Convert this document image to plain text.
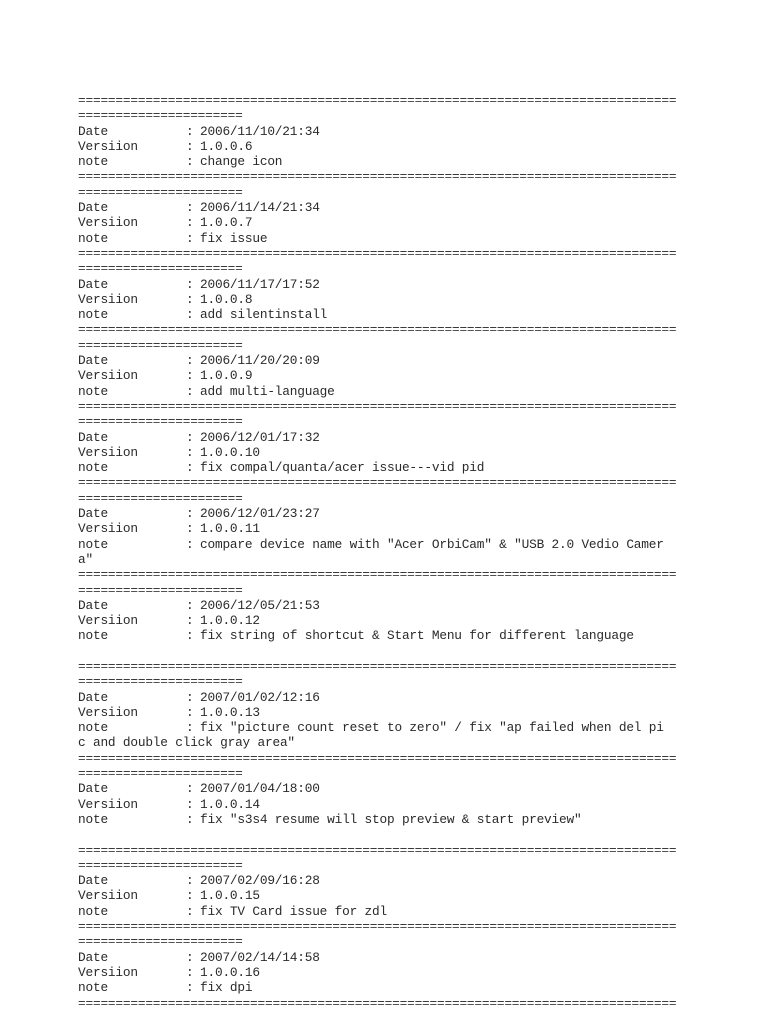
================================================================================
======================
Date	: 2006/11/10/21:34
Versiion	: 1.0.0.6
note	: change icon
================================================================================
======================
Date	: 2006/11/14/21:34
Versiion	: 1.0.0.7
note	: fix issue
================================================================================
======================
Date	: 2006/11/17/17:52
Versiion	: 1.0.0.8
note	: add silentinstall
================================================================================
======================
Date	: 2006/11/20/20:09
Versiion	: 1.0.0.9
note	: add multi-language
================================================================================
======================
Date	: 2006/12/01/17:32
Versiion	: 1.0.0.10
note	: fix compal/quanta/acer issue---vid pid
================================================================================
======================
Date	: 2006/12/01/23:27
Versiion	: 1.0.0.11
note	: compare device name with "Acer OrbiCam" & "USB 2.0 Vedio Camer
a"
================================================================================
======================
Date	: 2006/12/05/21:53
Versiion	: 1.0.0.12
note	: fix string of shortcut & Start Menu for different language
================================================================================
======================
Date	: 2007/01/02/12:16
Versiion	: 1.0.0.13
note	: fix "picture count reset to zero" / fix "ap failed when del pi
c and double click gray area"
================================================================================
======================
Date	: 2007/01/04/18:00
Versiion	: 1.0.0.14
note	: fix "s3s4 resume will stop preview & start preview"
================================================================================
======================
Date	: 2007/02/09/16:28
Versiion	: 1.0.0.15
note	: fix TV Card issue for zdl
================================================================================
======================
Date	: 2007/02/14/14:58
Versiion	: 1.0.0.16
note	: fix dpi
================================================================================
